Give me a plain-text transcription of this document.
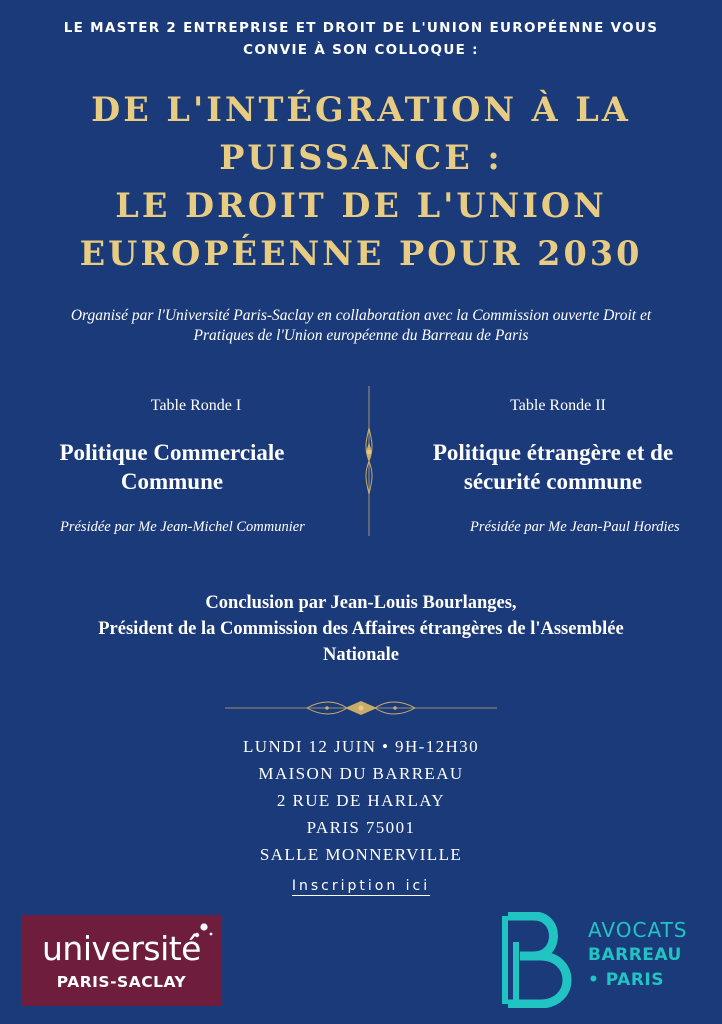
LE MASTER 2 ENTREPRISE ET DROIT DE L'UNION EUROPÉENNE VOUS
CONVIE À SON COLLOQUE :
DE L'INTÉGRATION À LA
PUISSANCE :
LE DROIT DE L'UNION
EUROPÉENNE POUR 2030
Organisé par l'Université Paris-Saclay en collaboration avec la Commission ouverte Droit et
Pratiques de l'Union européenne du Barreau de Paris
Table Ronde I
Politique Commerciale
Commune
Présidée par Me Jean-Michel Communier
Table Ronde II
Politique étrangère et de
sécurité commune
Présidée par Me Jean-Paul Hordies
Conclusion par Jean-Louis Bourlanges,
Président de la Commission des Affaires étrangères de l'Assemblée
Nationale
LUNDI 12 JUIN • 9H-12H30
MAISON DU BARREAU
2 RUE DE HARLAY
PARIS 75001
SALLE MONNERVILLE
Inscription ici
université
PARIS-SACLAY
AVOCATS
BARREAU
• PARIS
